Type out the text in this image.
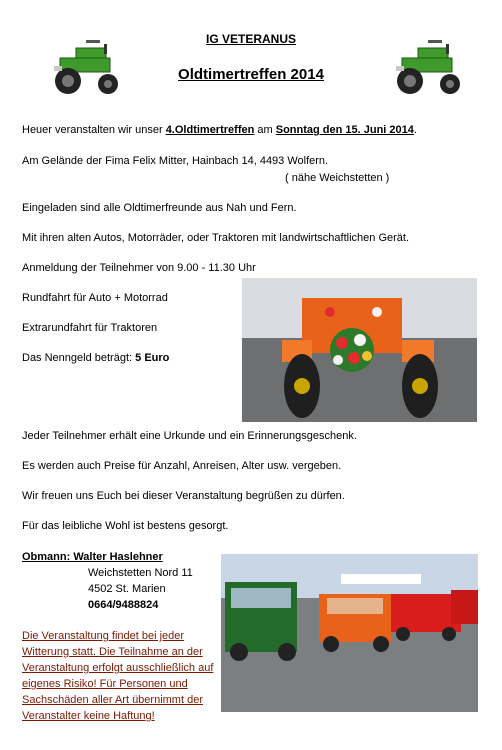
IG VETERANUS
Oldtimertreffen 2014
Heuer veranstalten wir unser 4.Oldtimertreffen am Sonntag den 15. Juni 2014.
Am Gelände der Fima Felix Mitter, Hainbach 14, 4493 Wolfern.
( nähe Weichstetten )
Eingeladen sind alle Oldtimerfreunde aus Nah und Fern.
Mit ihren alten Autos, Motorräder, oder Traktoren mit landwirtschaftlichen Gerät.
Anmeldung der Teilnehmer von 9.00 - 11.30 Uhr
Rundfahrt für Auto + Motorrad
Extrarundfahrt für Traktoren
Das Nenngeld beträgt: 5 Euro
Jeder Teilnehmer erhält eine Urkunde und ein Erinnerungsgeschenk.
Es werden auch Preise für Anzahl, Anreisen, Alter usw. vergeben.
Wir freuen uns Euch bei dieser Veranstaltung begrüßen zu dürfen.
Für das leibliche Wohl ist bestens gesorgt.
Obmann: Walter Haslehner
Weichstetten Nord 11
4502 St. Marien
0664/9488824
Die Veranstaltung findet bei jeder Witterung statt. Die Teilnahme an der Veranstaltung erfolgt ausschließlich auf eigenes Risiko! Für Personen und Sachschäden aller Art übernimmt der Veranstalter keine Haftung!
